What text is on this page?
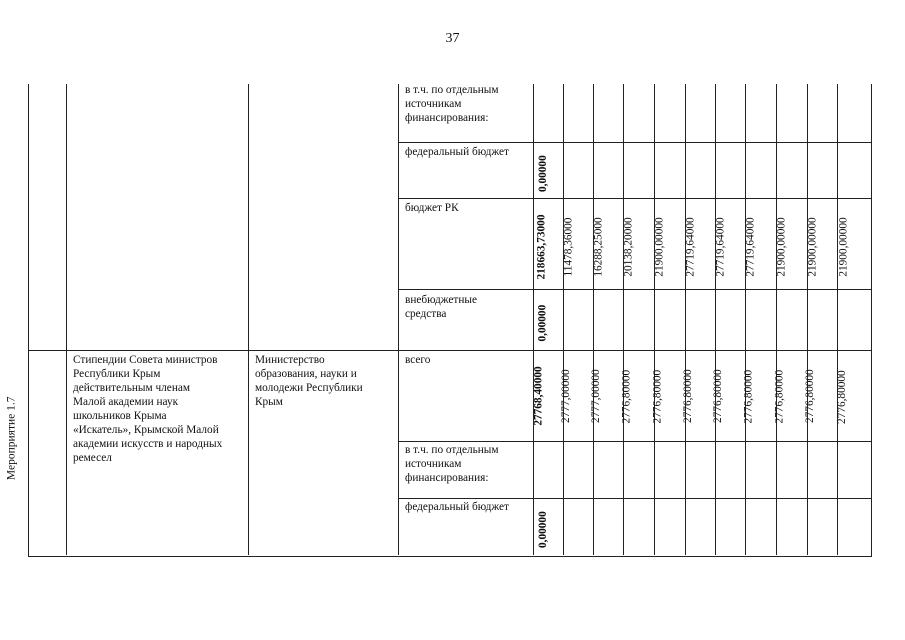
37
в т.ч. по отдельным
источникам
финансирования:
федеральный бюджет
бюджет РК
внебюджетные
средства
всего
в т.ч. по отдельным
источникам
финансирования:
федеральный бюджет
Стипендии Совета министров
Республики Крым
действительным членам
Малой академии наук
школьников Крыма
«Искатель», Крымской Малой
академии искусств и народных
ремесел
Министерство
образования, науки и
молодежи Республики
Крым
Мероприятие 1.7
0,00000
218663,73000 11478,36000 16288,25000 20138,20000 21900,00000 27719,64000 27719,64000 27719,64000 21900,00000 21900,00000 21900,00000
0,00000
27768,40000 2777,00000 2777,00000 2776,80000 2776,80000 2776,80000 2776,80000 2776,80000 2776,80000 2776,80000 2776,80000
0,00000
